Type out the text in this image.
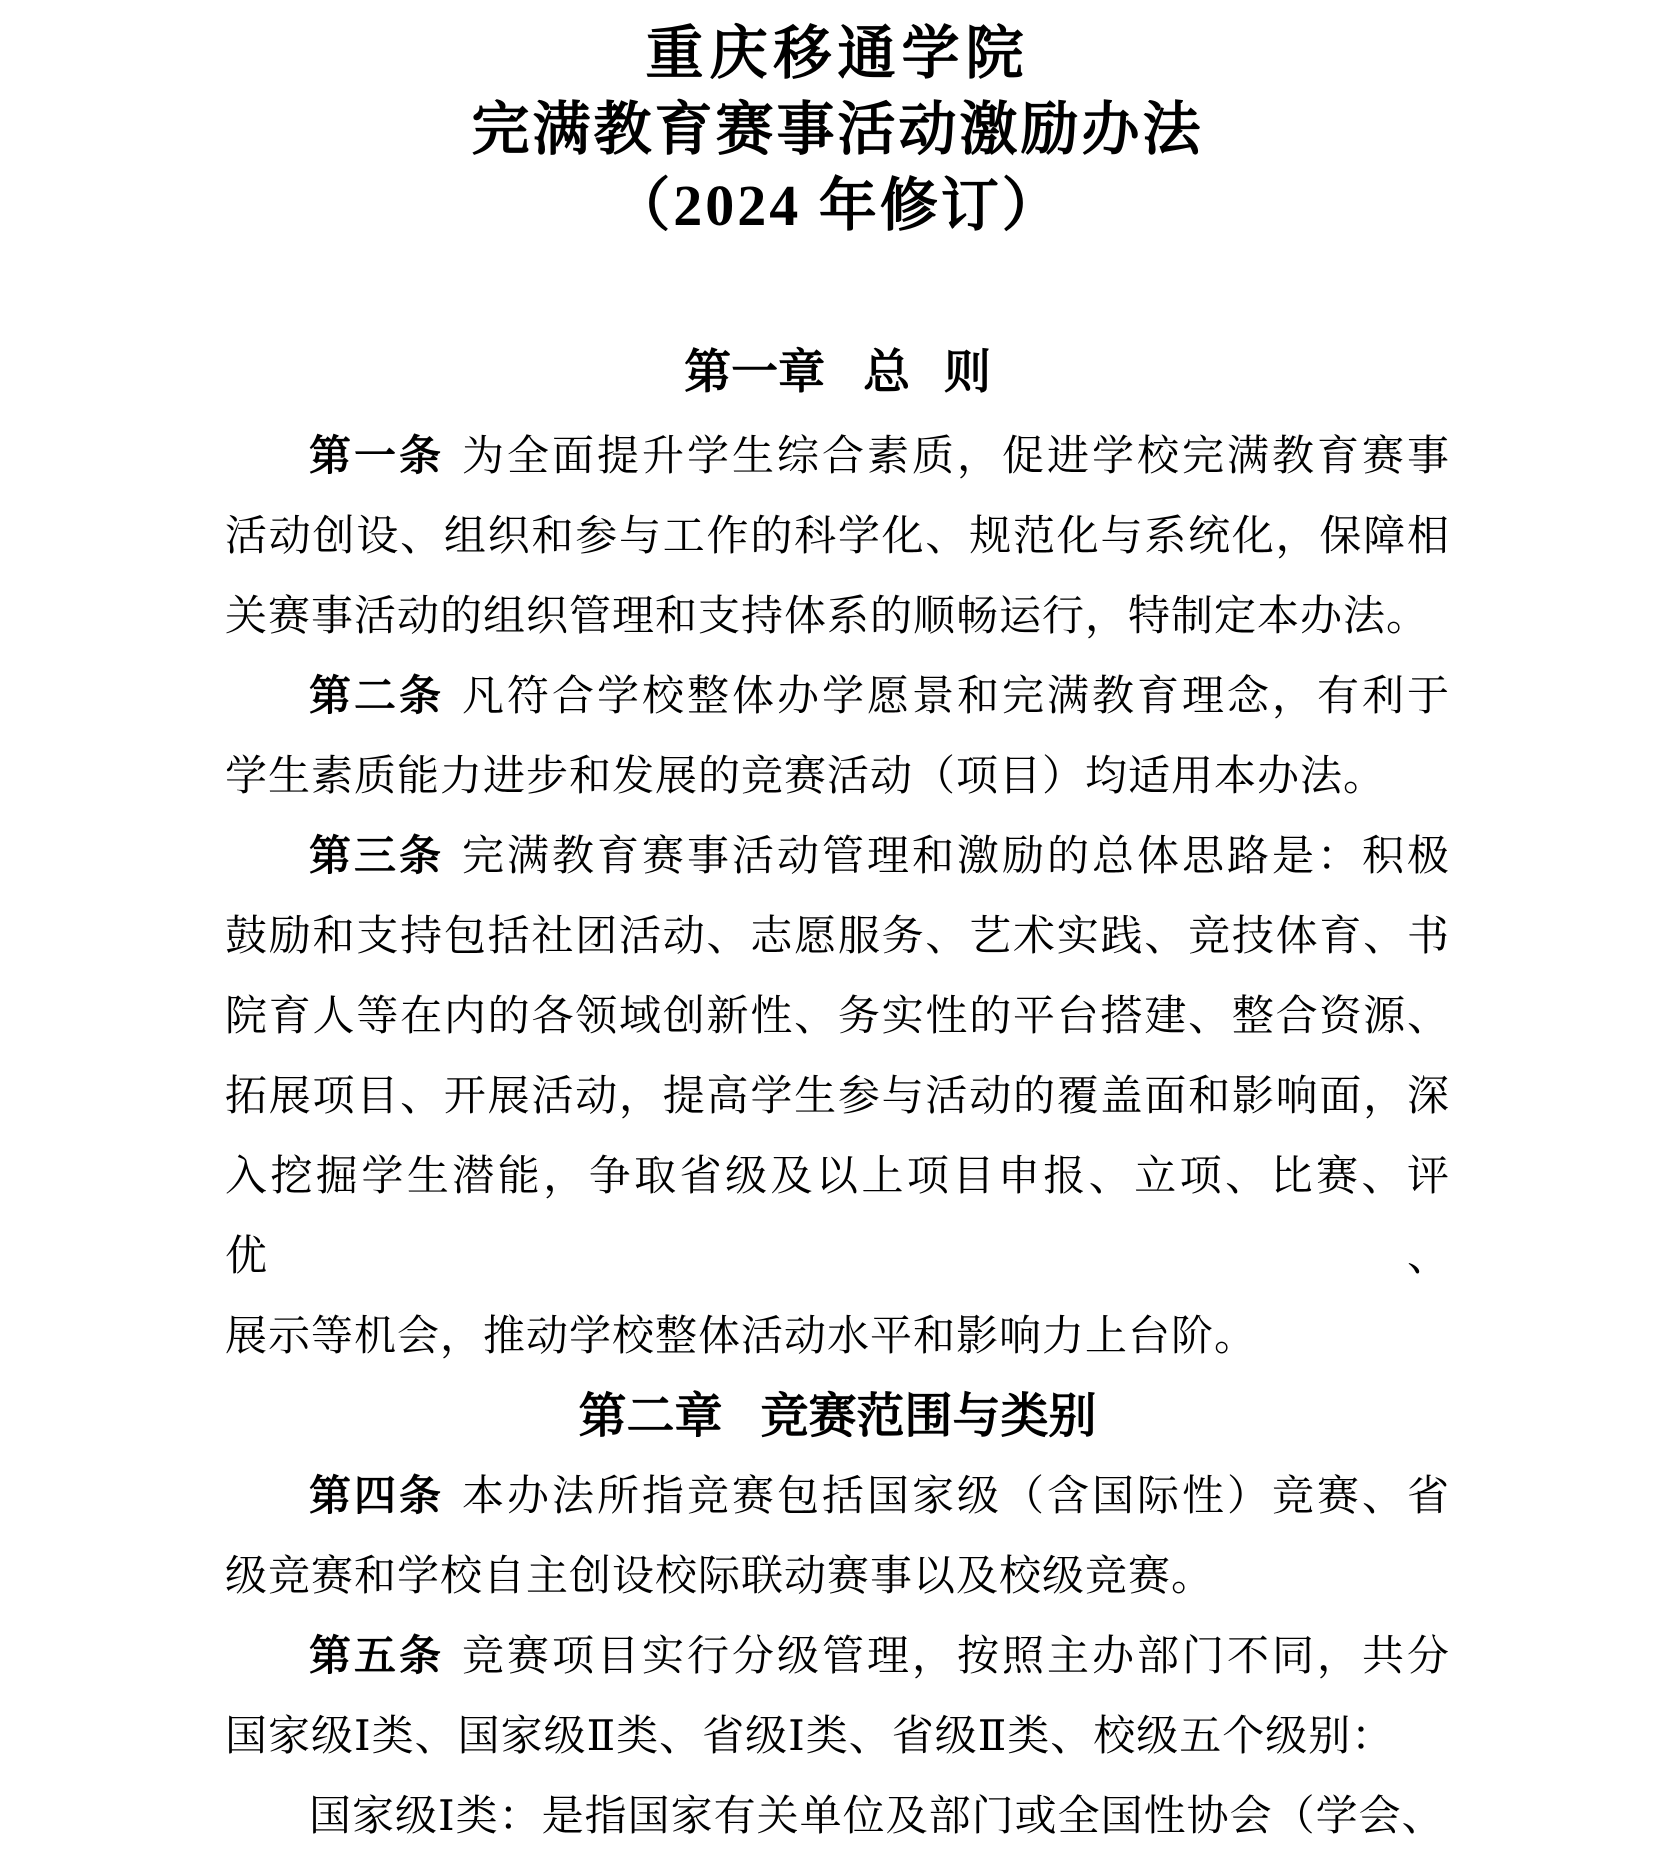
重庆移通学院
完满教育赛事活动激励办法
（2024 年修订）
第一章 总 则
第一条 为全面提升学生综合素质，促进学校完满教育赛事
活动创设、组织和参与工作的科学化、规范化与系统化，保障相
关赛事活动的组织管理和支持体系的顺畅运行，特制定本办法。
第二条 凡符合学校整体办学愿景和完满教育理念，有利于
学生素质能力进步和发展的竞赛活动（项目）均适用本办法。
第三条 完满教育赛事活动管理和激励的总体思路是：积极
鼓励和支持包括社团活动、志愿服务、艺术实践、竞技体育、书
院育人等在内的各领域创新性、务实性的平台搭建、整合资源、
拓展项目、开展活动，提高学生参与活动的覆盖面和影响面，深
入挖掘学生潜能，争取省级及以上项目申报、立项、比赛、评优、
展示等机会，推动学校整体活动水平和影响力上台阶。
第二章 竞赛范围与类别
第四条 本办法所指竞赛包括国家级（含国际性）竞赛、省
级竞赛和学校自主创设校际联动赛事以及校级竞赛。
第五条 竞赛项目实行分级管理，按照主办部门不同，共分
国家级Ⅰ类、国家级Ⅱ类、省级Ⅰ类、省级Ⅱ类、校级五个级别：
国家级Ⅰ类：是指国家有关单位及部门或全国性协会（学会、
